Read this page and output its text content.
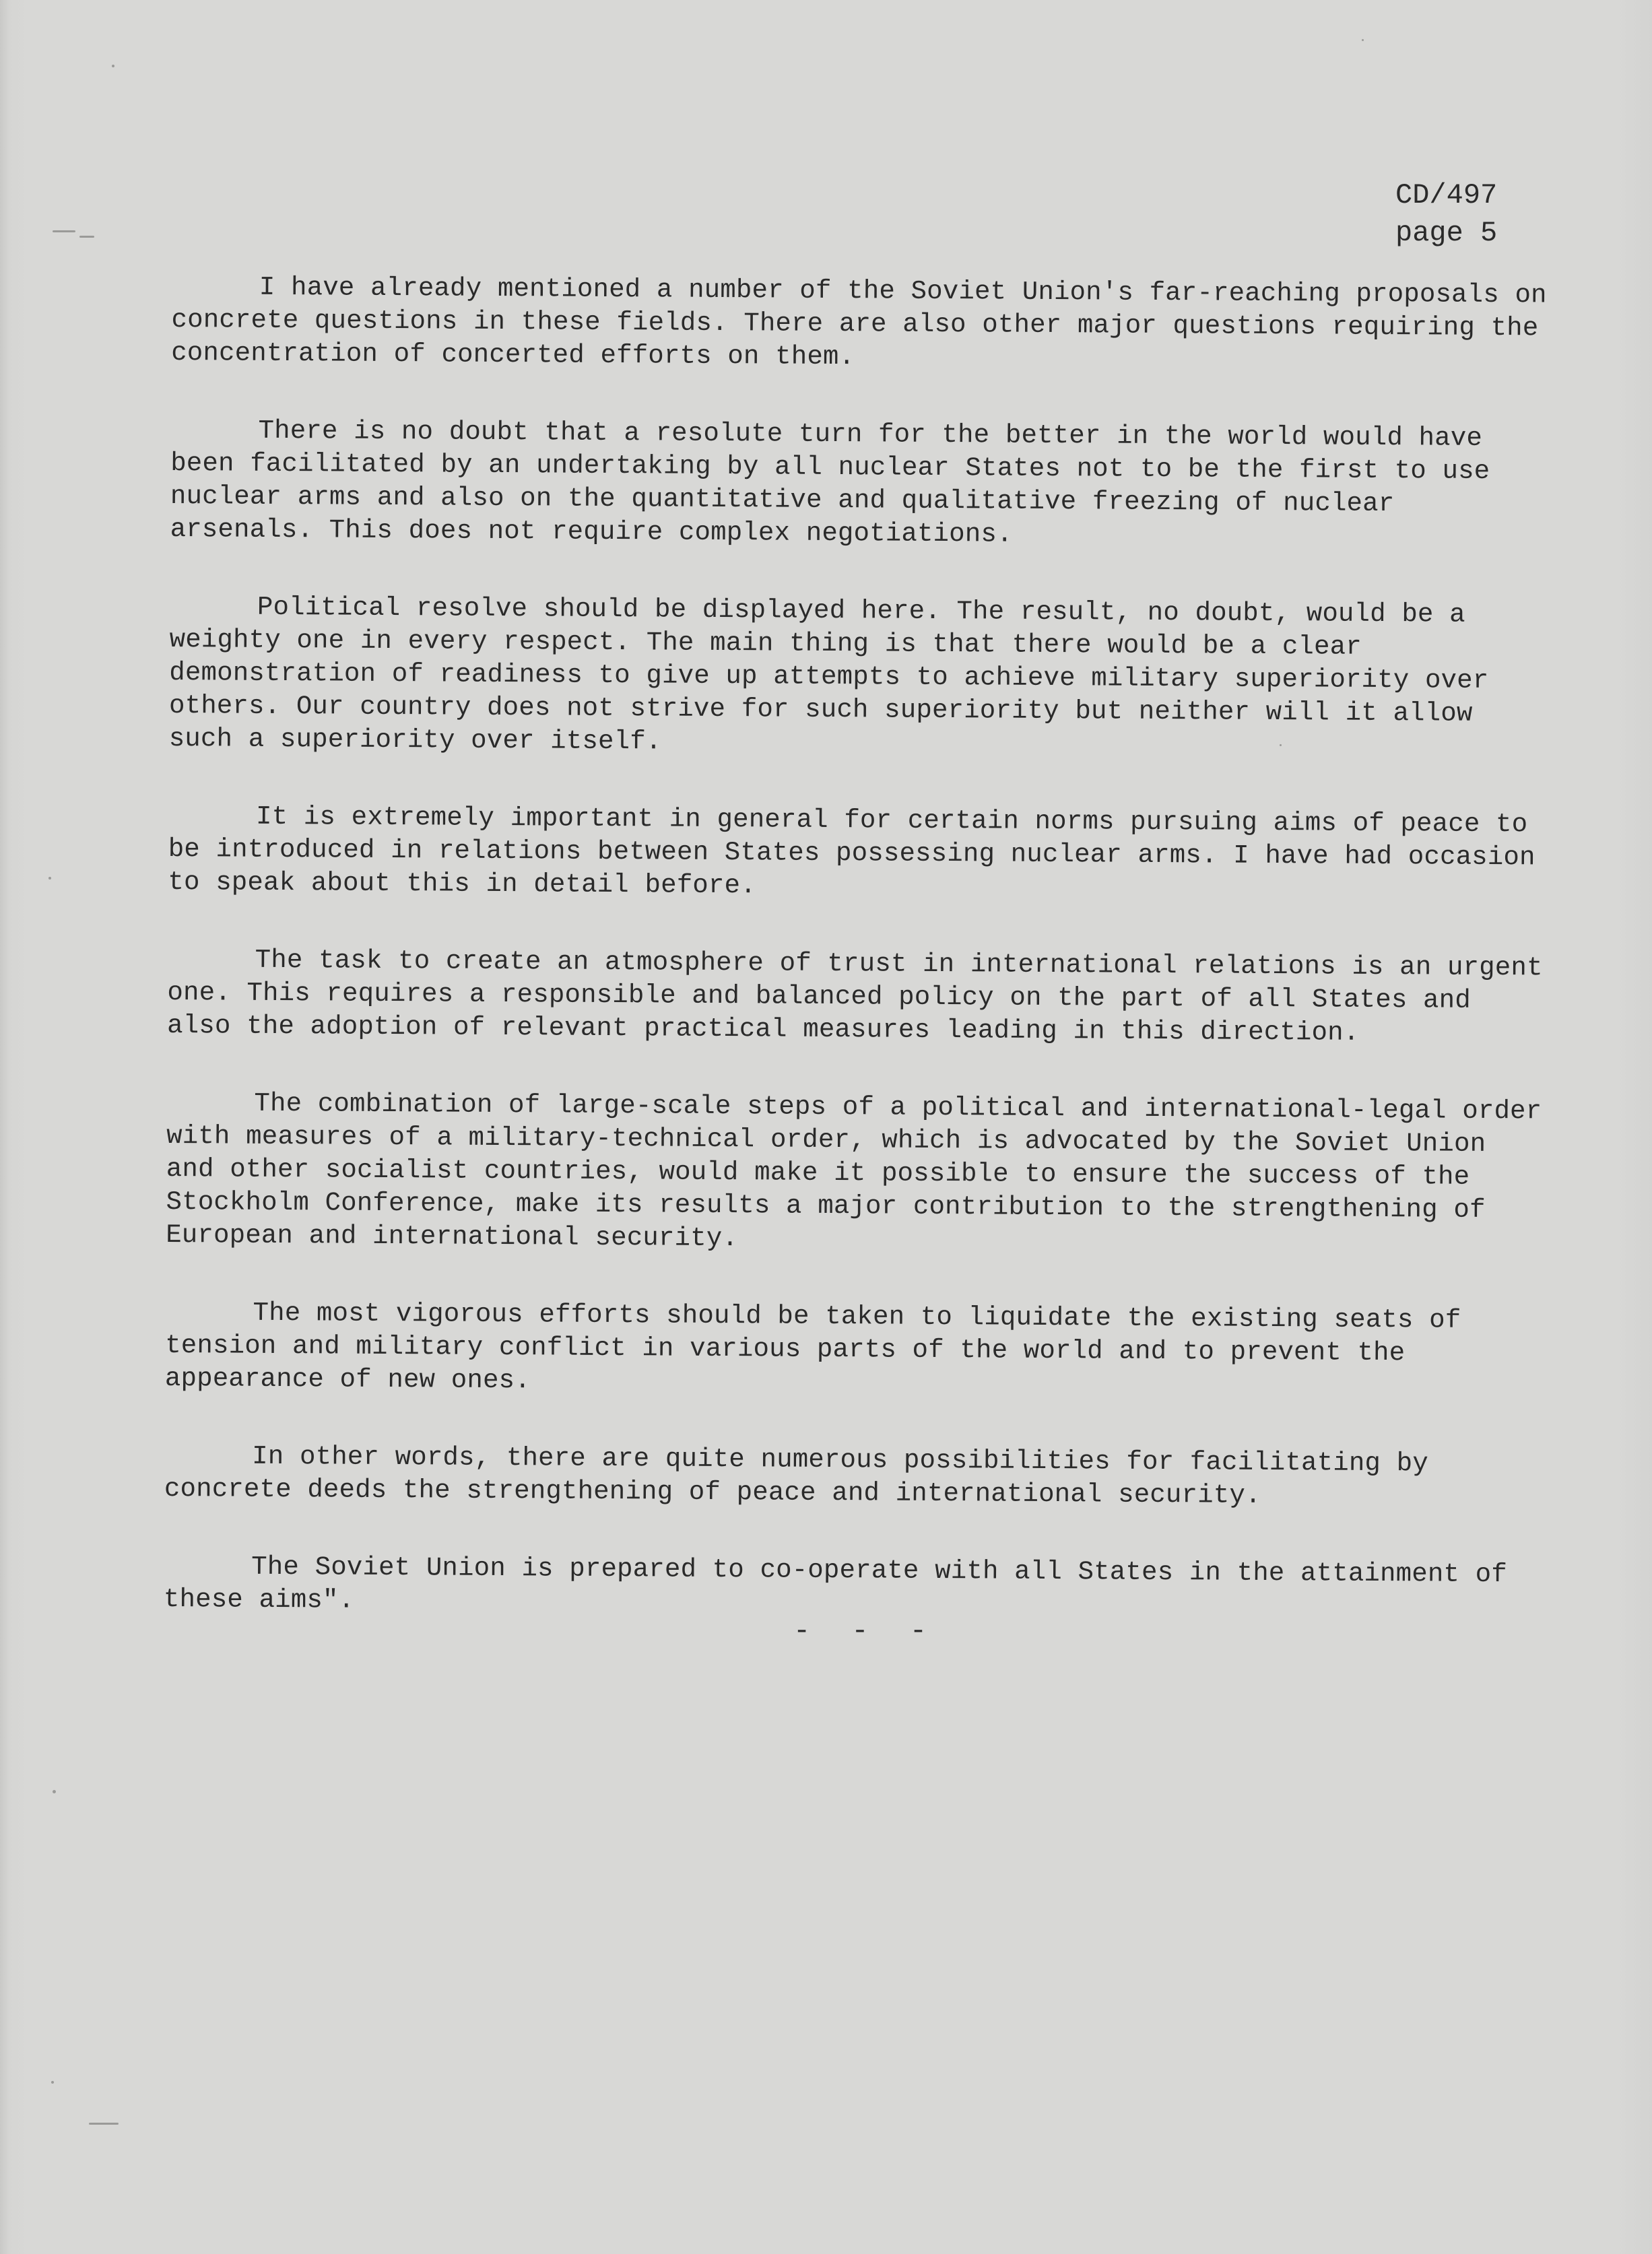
CD/497
page 5

I have already mentioned a number of the Soviet Union's far-reaching proposals on concrete questions in these fields. There are also other major questions requiring the concentration of concerted efforts on them.

There is no doubt that a resolute turn for the better in the world would have been facilitated by an undertaking by all nuclear States not to be the first to use nuclear arms and also on the quantitative and qualitative freezing of nuclear arsenals. This does not require complex negotiations.

Political resolve should be displayed here. The result, no doubt, would be a weighty one in every respect. The main thing is that there would be a clear demonstration of readiness to give up attempts to achieve military superiority over others. Our country does not strive for such superiority but neither will it allow such a superiority over itself.

It is extremely important in general for certain norms pursuing aims of peace to be introduced in relations between States possessing nuclear arms. I have had occasion to speak about this in detail before.

The task to create an atmosphere of trust in international relations is an urgent one. This requires a responsible and balanced policy on the part of all States and also the adoption of relevant practical measures leading in this direction.

The combination of large-scale steps of a political and international-legal order with measures of a military-technical order, which is advocated by the Soviet Union and other socialist countries, would make it possible to ensure the success of the Stockholm Conference, make its results a major contribution to the strengthening of European and international security.

The most vigorous efforts should be taken to liquidate the existing seats of tension and military conflict in various parts of the world and to prevent the appearance of new ones.

In other words, there are quite numerous possibilities for facilitating by concrete deeds the strengthening of peace and international security.

The Soviet Union is prepared to co-operate with all States in the attainment of these aims".

- - -
